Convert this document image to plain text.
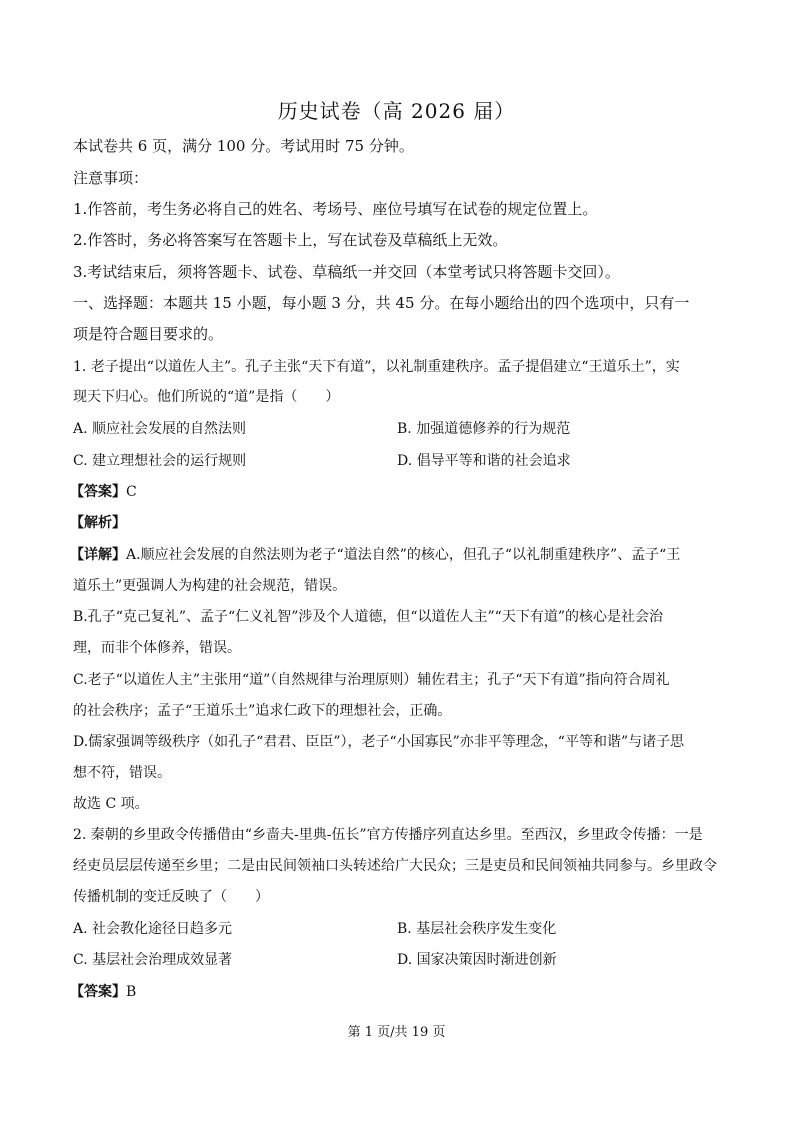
历史试卷（高 2026 届）
本试卷共 6 页，满分 100 分。考试用时 75 分钟。
注意事项：
1.作答前，考生务必将自己的姓名、考场号、座位号填写在试卷的规定位置上。
2.作答时，务必将答案写在答题卡上，写在试卷及草稿纸上无效。
3.考试结束后，须将答题卡、试卷、草稿纸一并交回（本堂考试只将答题卡交回）。
一、选择题：本题共 15 小题，每小题 3 分，共 45 分。在每小题给出的四个选项中，只有一
项是符合题目要求的。
1. 老子提出“以道佐人主”。孔子主张“天下有道”，以礼制重建秩序。孟子提倡建立“王道乐土”，实
现天下归心。他们所说的“道”是指（　　）
A. 顺应社会发展的自然法则	B. 加强道德修养的行为规范
C. 建立理想社会的运行规则	D. 倡导平等和谐的社会追求
【答案】C
【解析】
【详解】A.顺应社会发展的自然法则为老子“道法自然”的核心，但孔子“以礼制重建秩序”、孟子“王
道乐土”更强调人为构建的社会规范，错误。
B.孔子“克己复礼”、孟子“仁义礼智”涉及个人道德，但“以道佐人主”“天下有道”的核心是社会治
理，而非个体修养，错误。
C.老子“以道佐人主”主张用“道”（自然规律与治理原则）辅佐君主；孔子“天下有道”指向符合周礼
的社会秩序；孟子“王道乐土”追求仁政下的理想社会，正确。
D.儒家强调等级秩序（如孔子“君君、臣臣”），老子“小国寡民”亦非平等理念，“平等和谐”与诸子思
想不符，错误。
故选 C 项。
2. 秦朝的乡里政令传播借由“乡啬夫-里典-伍长”官方传播序列直达乡里。至西汉，乡里政令传播：一是
经吏员层层传递至乡里；二是由民间领袖口头转述给广大民众；三是吏员和民间领袖共同参与。乡里政令
传播机制的变迁反映了（　　）
A. 社会教化途径日趋多元	B. 基层社会秩序发生变化
C. 基层社会治理成效显著	D. 国家决策因时渐进创新
【答案】B
第 1 页/共 19 页
